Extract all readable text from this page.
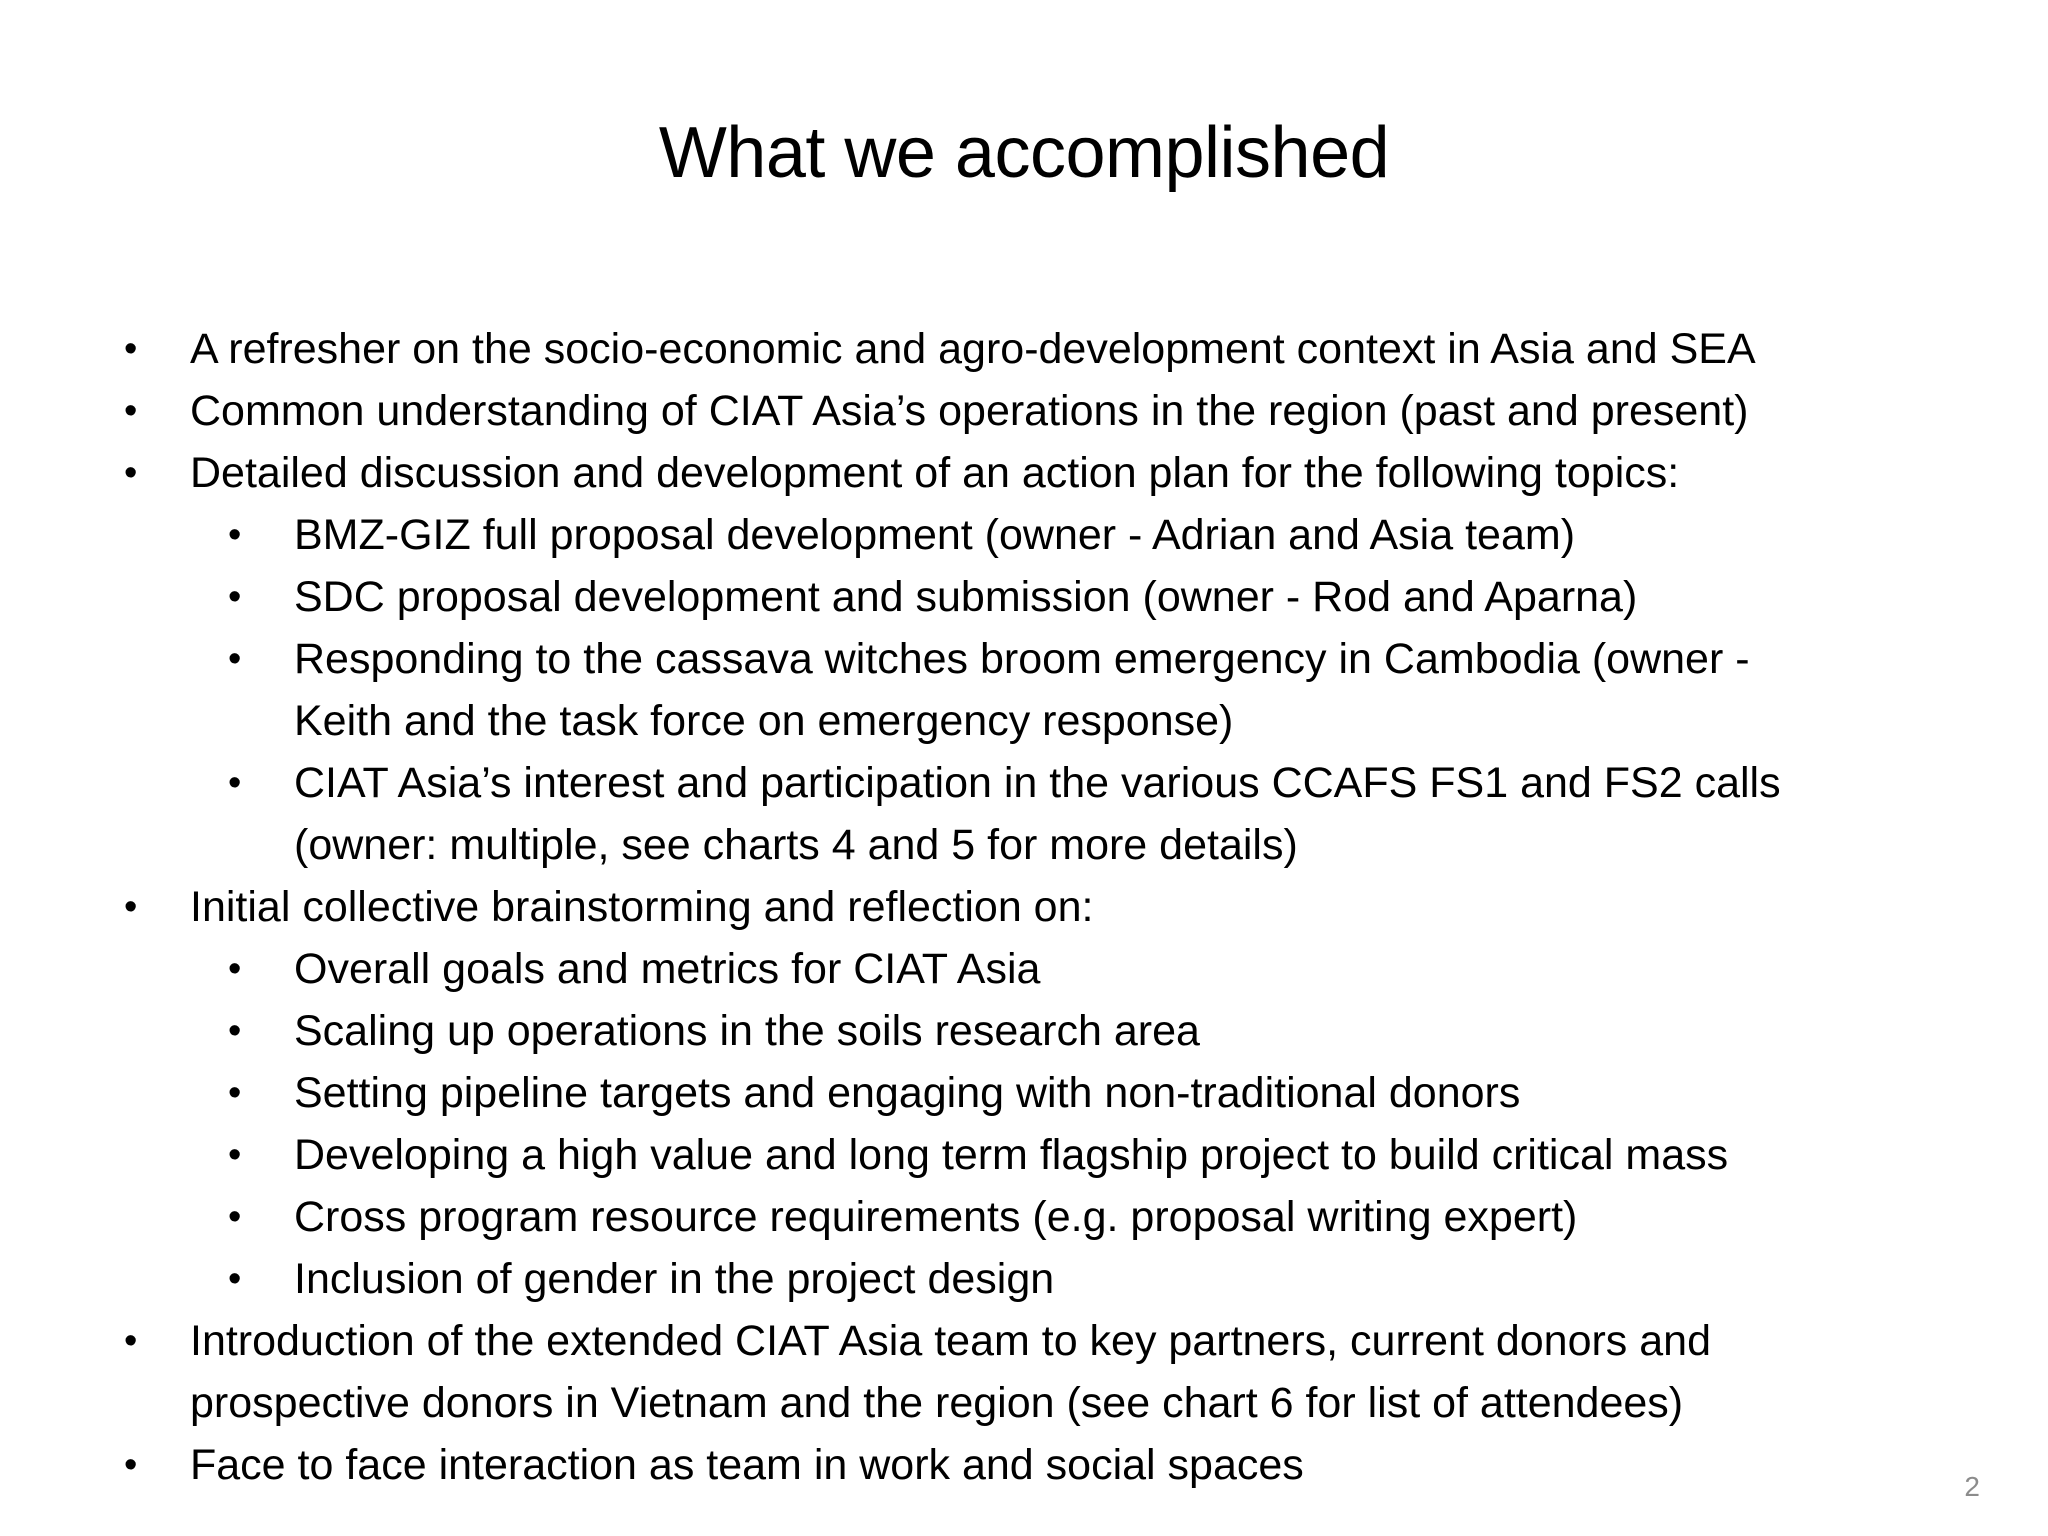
What we accomplished
• A refresher on the socio-economic and agro-development context in Asia and SEA
• Common understanding of CIAT Asia’s operations in the region (past and present)
• Detailed discussion and development of an action plan for the following topics:
• BMZ-GIZ full proposal development (owner - Adrian and Asia team)
• SDC proposal development and submission (owner - Rod and Aparna)
• Responding to the cassava witches broom emergency in Cambodia (owner -
Keith and the task force on emergency response)
• CIAT Asia’s interest and participation in the various CCAFS FS1 and FS2 calls
(owner: multiple, see charts 4 and 5 for more details)
• Initial collective brainstorming and reflection on:
• Overall goals and metrics for CIAT Asia
• Scaling up operations in the soils research area
• Setting pipeline targets and engaging with non-traditional donors
• Developing a high value and long term flagship project to build critical mass
• Cross program resource requirements (e.g. proposal writing expert)
• Inclusion of gender in the project design
• Introduction of the extended CIAT Asia team to key partners, current donors and
prospective donors in Vietnam and the region (see chart 6 for list of attendees)
• Face to face interaction as team in work and social spaces	2
